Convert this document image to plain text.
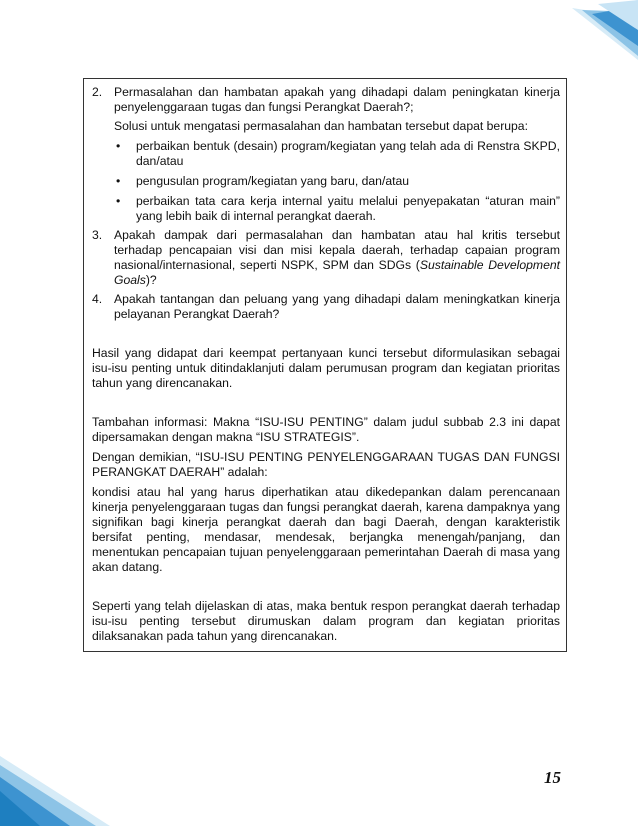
2. Permasalahan dan hambatan apakah yang dihadapi dalam peningkatan kinerja penyelenggaraan tugas dan fungsi Perangkat Daerah?;

Solusi untuk mengatasi permasalahan dan hambatan tersebut dapat berupa:

• perbaikan bentuk (desain) program/kegiatan yang telah ada di Renstra SKPD, dan/atau
• pengusulan program/kegiatan yang baru, dan/atau
• perbaikan tata cara kerja internal yaitu melalui penyepakatan “aturan main” yang lebih baik di internal perangkat daerah.
3. Apakah dampak dari permasalahan dan hambatan atau hal kritis tersebut terhadap pencapaian visi dan misi kepala daerah, terhadap capaian program nasional/internasional, seperti NSPK, SPM dan SDGs (Sustainable Development Goals)?
4. Apakah tantangan dan peluang yang yang dihadapi dalam meningkatkan kinerja pelayanan Perangkat Daerah?

Hasil yang didapat dari keempat pertanyaan kunci tersebut diformulasikan sebagai isu-isu penting untuk ditindaklanjuti dalam perumusan program dan kegiatan prioritas tahun yang direncanakan.

Tambahan informasi: Makna “ISU-ISU PENTING” dalam judul subbab 2.3 ini dapat dipersamakan dengan makna “ISU STRATEGIS”.

Dengan demikian, “ISU-ISU PENTING PENYELENGGARAAN TUGAS DAN FUNGSI PERANGKAT DAERAH” adalah:

kondisi atau hal yang harus diperhatikan atau dikedepankan dalam perencanaan kinerja penyelenggaraan tugas dan fungsi perangkat daerah, karena dampaknya yang signifikan bagi kinerja perangkat daerah dan bagi Daerah, dengan karakteristik bersifat penting, mendasar, mendesak, berjangka menengah/panjang, dan menentukan pencapaian tujuan penyelenggaraan pemerintahan Daerah di masa yang akan datang.

Seperti yang telah dijelaskan di atas, maka bentuk respon perangkat daerah terhadap isu-isu penting tersebut dirumuskan dalam program dan kegiatan prioritas dilaksanakan pada tahun yang direncanakan.

15
